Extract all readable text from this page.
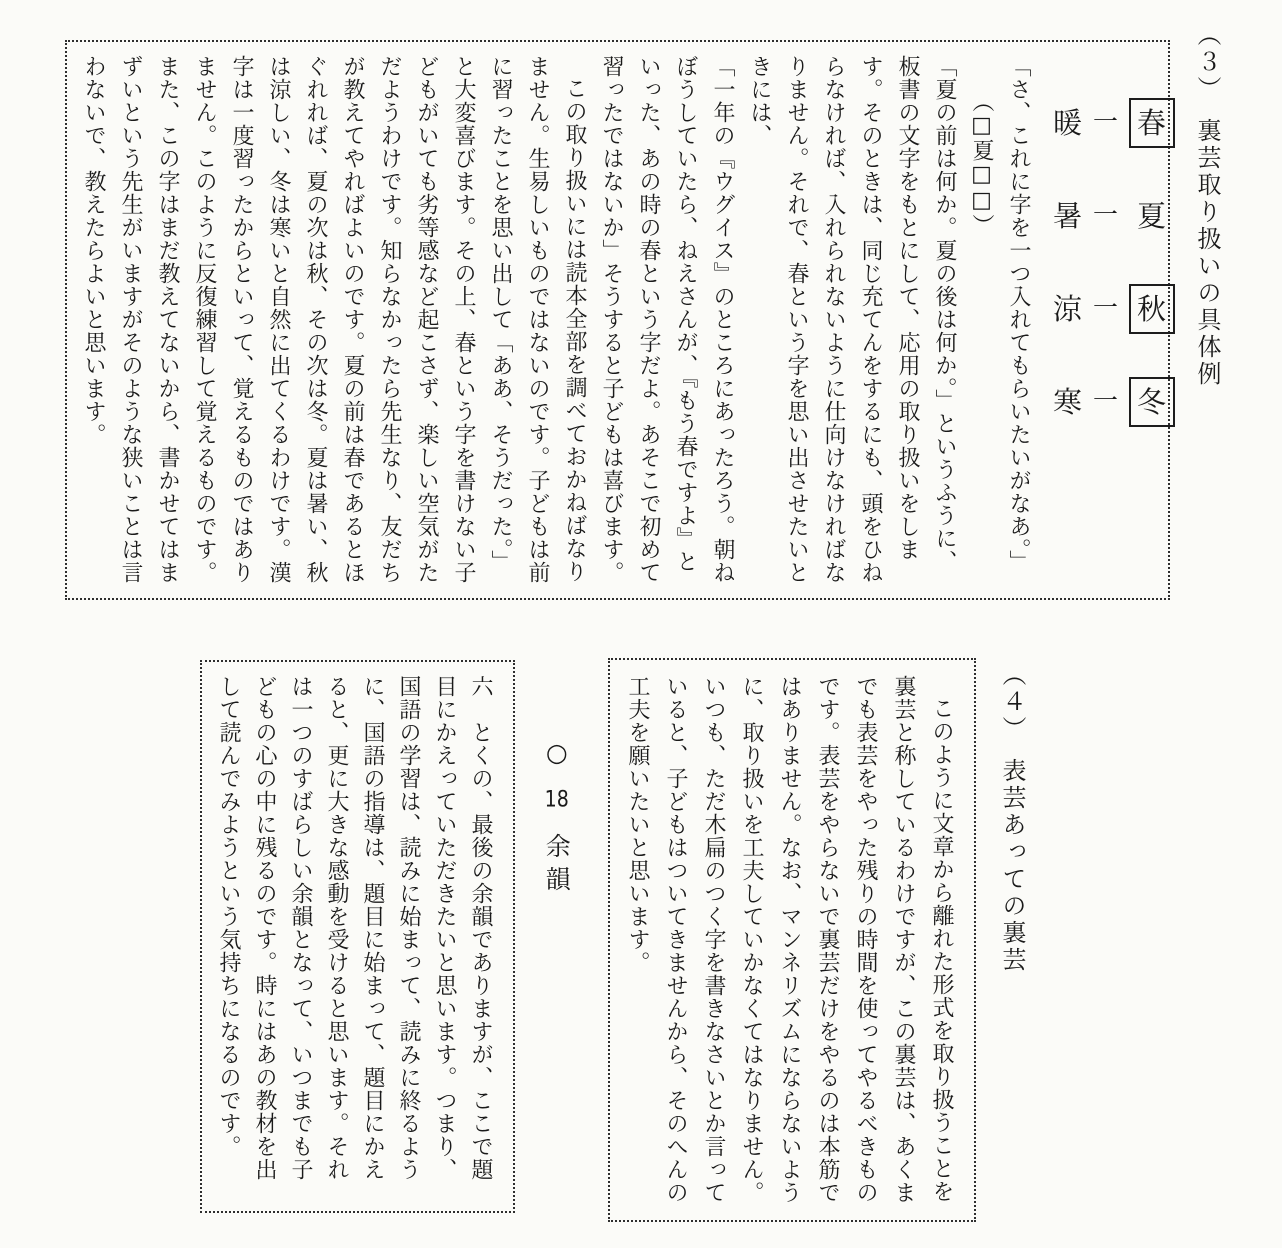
（３）　裏芸取り扱いの具体例
暖 一 春
暑 一 夏
涼 一 秋
寒 一 冬

「さ、これに字を一つ入れてもらいたいがなあ。」

（□夏□□）

「夏の前は何か。夏の後は何か。」というふうに、板書の文字をもとにして、応用の取り扱いをします。そのときは、同じ充てんをするにも、頭をひねらなければ、入れられないように仕向けなければなりません。それで、春という字を思い出させたいときには、

「一年の『ウグイス』のところにあったろう。朝ねぼうしていたら、ねえさんが、『もう春ですよ』といった、あの時の春という字だよ。あそこで初めて習ったではないか」そうすると子どもは喜びます。

この取り扱いには読本全部を調べておかねばなりません。生易しいものではないのです。子どもは前に習ったことを思い出して「ああ、そうだった。」と大変喜びます。その上、春という字を書けない子どもがいても劣等感など起こさず、楽しい空気がただようわけです。知らなかったら先生なり、友だちが教えてやればよいのです。夏の前は春であるとほぐれれば、夏の次は秋、その次は冬。夏は暑い、秋は涼しい、冬は寒いと自然に出てくるわけです。漢字は一度習ったからといって、覚えるものではありません。このように反復練習して覚えるものです。また、この字はまだ教えてないから、書かせてはまずいという先生がいますがそのような狭いことは言わないで、教えたらよいと思います。

（４）　表芸あっての裏芸

このように文章から離れた形式を取り扱うことを裏芸と称しているわけですが、この裏芸は、あくまでも表芸をやった残りの時間を使ってやるべきものです。表芸をやらないで裏芸だけをやるのは本筋ではありません。なお、マンネリズムにならないように、取り扱いを工夫していかなくてはなりません。いつも、ただ木扁のつく字を書きなさいとか言っていると、子どもはついてきませんから、そのへんの工夫を願いたいと思います。

○18余韻

六　とくの、最後の余韻でありますが、ここで題目にかえっていただきたいと思います。つまり、国語の学習は、読みに始まって、読みに終るように、国語の指導は、題目に始まって、題目にかえると、更に大きな感動を受けると思います。それは一つのすばらしい余韻となって、いつまでも子どもの心の中に残るのです。時にはあの教材を出して読んでみようという気持ちになるのです。
